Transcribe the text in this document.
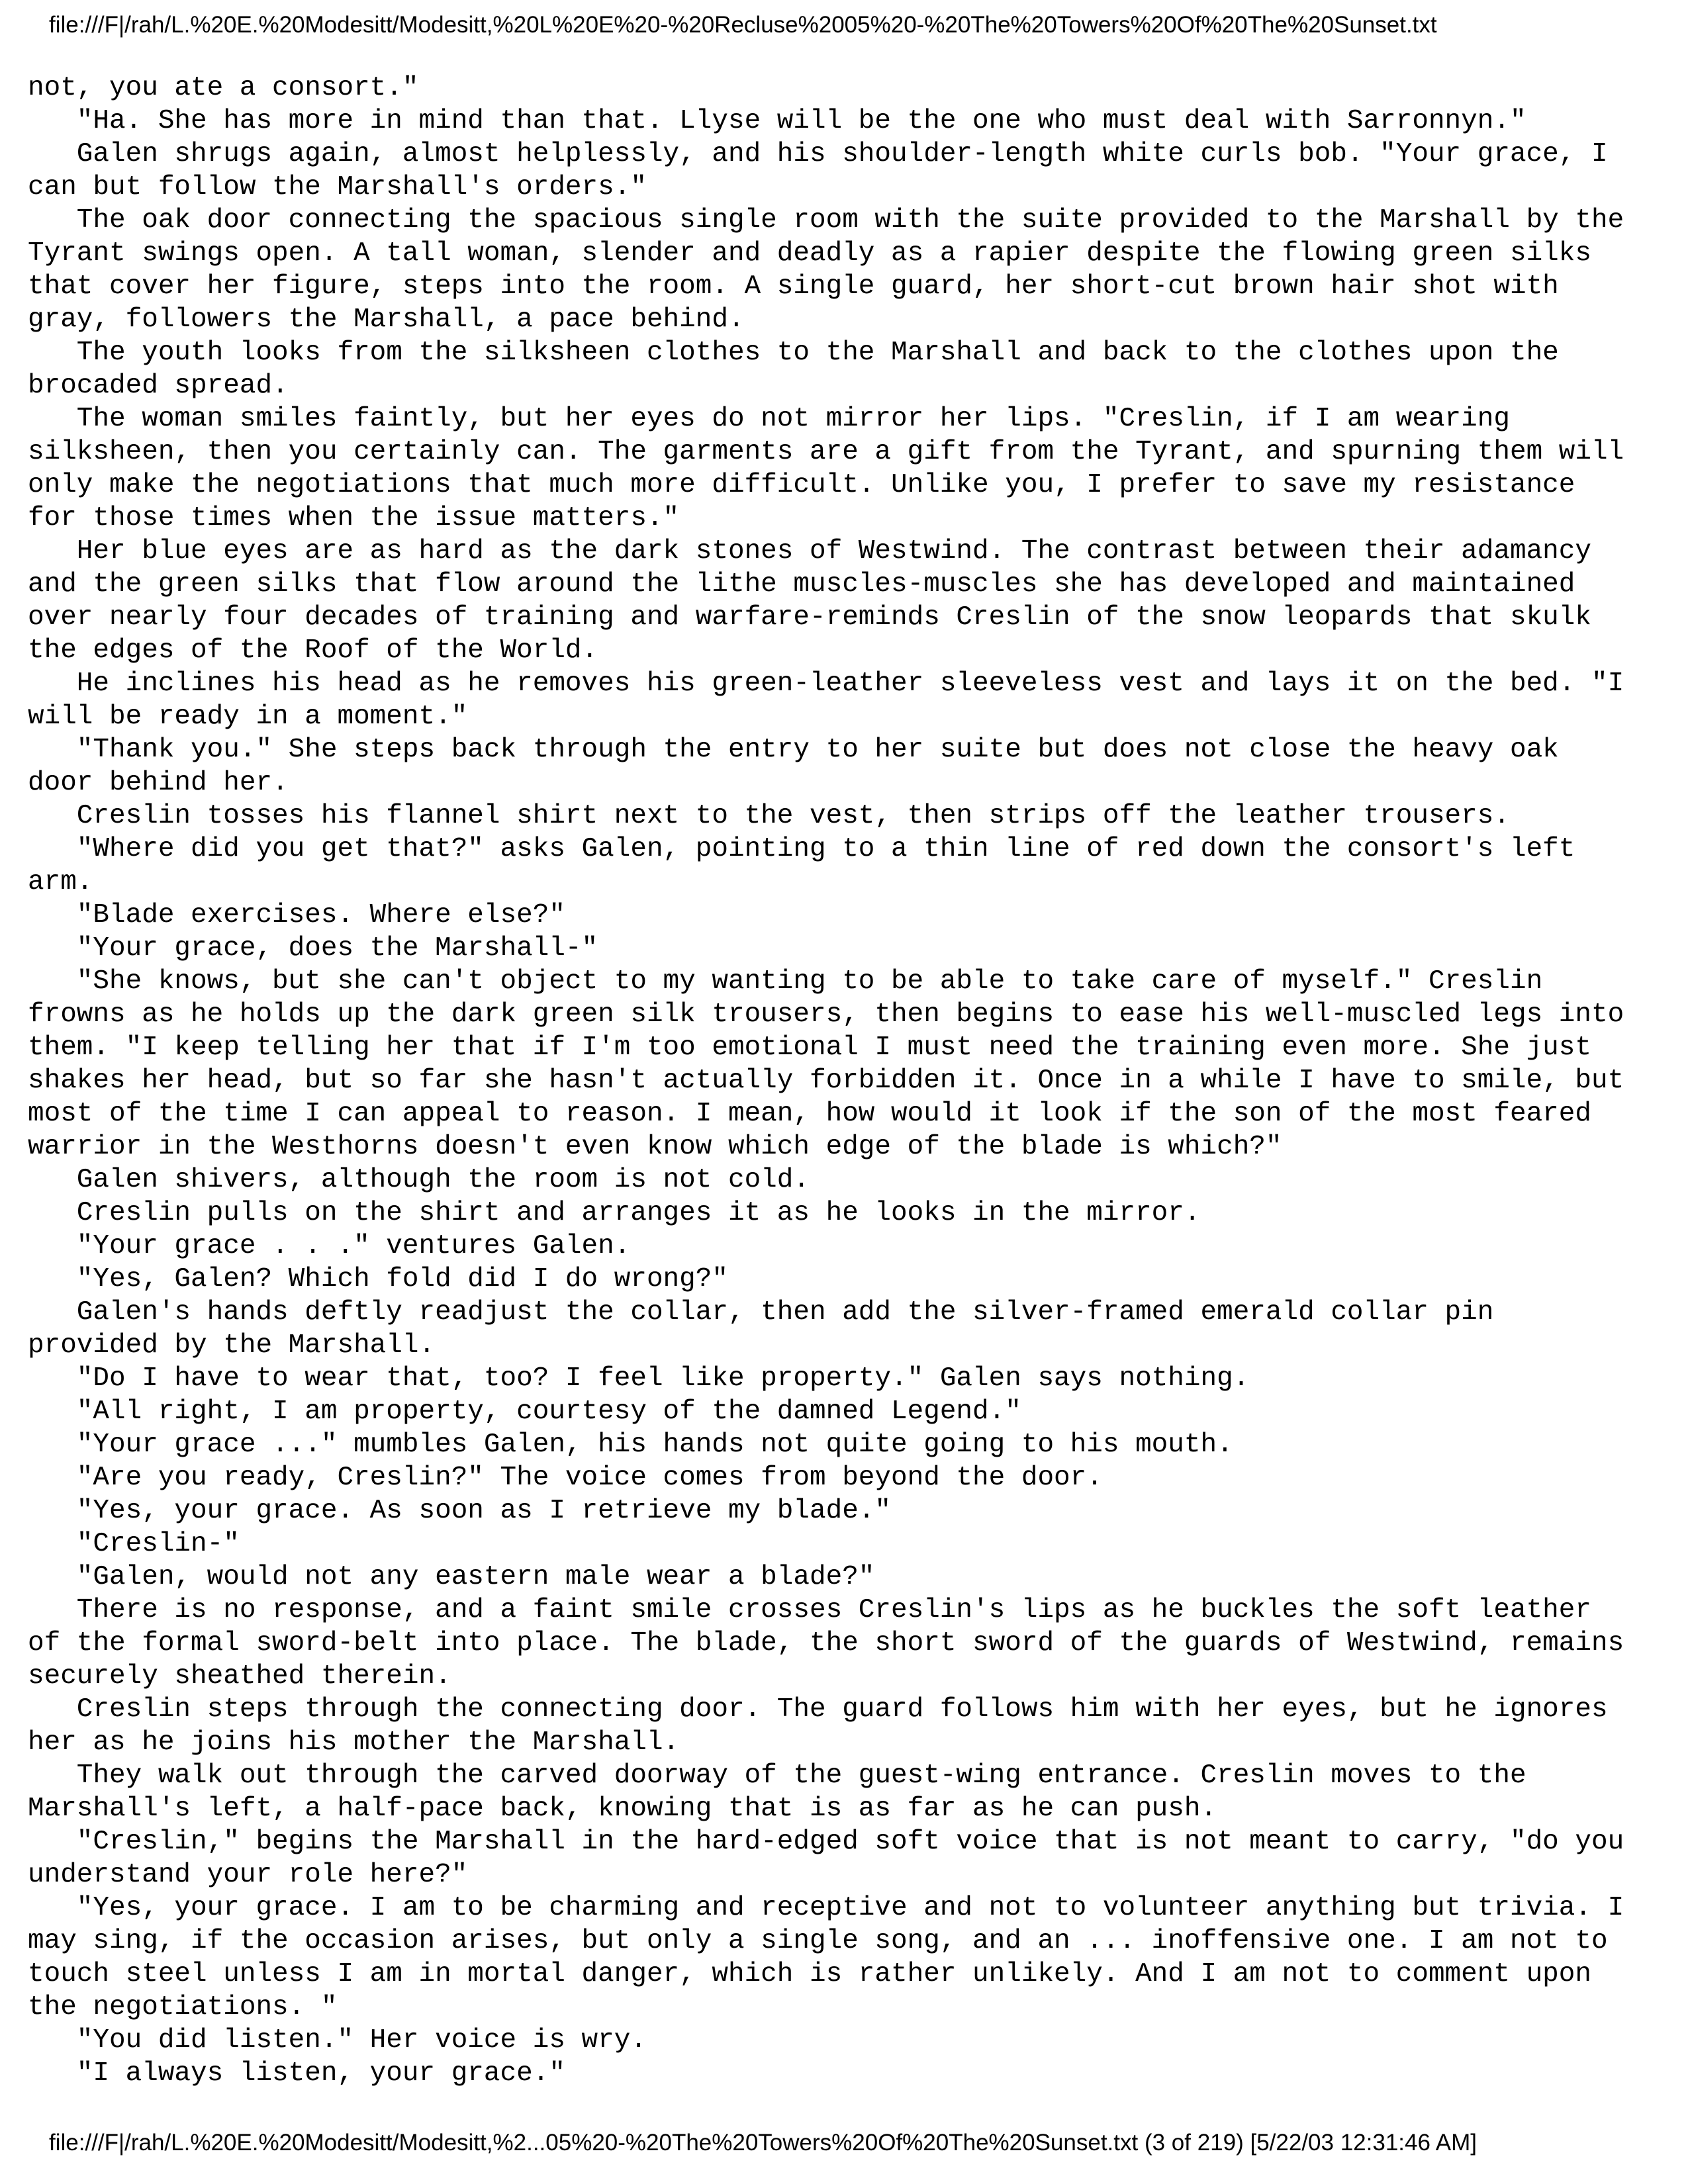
file:///F|/rah/L.%20E.%20Modesitt/Modesitt,%20L%20E%20-%20Recluse%2005%20-%20The%20Towers%20Of%20The%20Sunset.txt
not, you ate a consort."
"Ha. She has more in mind than that. Llyse will be the one who must deal with Sarronnyn."
Galen shrugs again, almost helplessly, and his shoulder-length white curls bob. "Your grace, I
can but follow the Marshall's orders."
The oak door connecting the spacious single room with the suite provided to the Marshall by the
Tyrant swings open. A tall woman, slender and deadly as a rapier despite the flowing green silks
that cover her figure, steps into the room. A single guard, her short-cut brown hair shot with
gray, followers the Marshall, a pace behind.
The youth looks from the silksheen clothes to the Marshall and back to the clothes upon the
brocaded spread.
The woman smiles faintly, but her eyes do not mirror her lips. "Creslin, if I am wearing
silksheen, then you certainly can. The garments are a gift from the Tyrant, and spurning them will
only make the negotiations that much more difficult. Unlike you, I prefer to save my resistance
for those times when the issue matters."
Her blue eyes are as hard as the dark stones of Westwind. The contrast between their adamancy
and the green silks that flow around the lithe muscles-muscles she has developed and maintained
over nearly four decades of training and warfare-reminds Creslin of the snow leopards that skulk
the edges of the Roof of the World.
He inclines his head as he removes his green-leather sleeveless vest and lays it on the bed. "I
will be ready in a moment."
"Thank you." She steps back through the entry to her suite but does not close the heavy oak
door behind her.
Creslin tosses his flannel shirt next to the vest, then strips off the leather trousers.
"Where did you get that?" asks Galen, pointing to a thin line of red down the consort's left
arm.
"Blade exercises. Where else?"
"Your grace, does the Marshall-"
"She knows, but she can't object to my wanting to be able to take care of myself." Creslin
frowns as he holds up the dark green silk trousers, then begins to ease his well-muscled legs into
them. "I keep telling her that if I'm too emotional I must need the training even more. She just
shakes her head, but so far she hasn't actually forbidden it. Once in a while I have to smile, but
most of the time I can appeal to reason. I mean, how would it look if the son of the most feared
warrior in the Westhorns doesn't even know which edge of the blade is which?"
Galen shivers, although the room is not cold.
Creslin pulls on the shirt and arranges it as he looks in the mirror.
"Your grace . . ." ventures Galen.
"Yes, Galen? Which fold did I do wrong?"
Galen's hands deftly readjust the collar, then add the silver-framed emerald collar pin
provided by the Marshall.
"Do I have to wear that, too? I feel like property." Galen says nothing.
"All right, I am property, courtesy of the damned Legend."
"Your grace ..." mumbles Galen, his hands not quite going to his mouth.
"Are you ready, Creslin?" The voice comes from beyond the door.
"Yes, your grace. As soon as I retrieve my blade."
"Creslin-"
"Galen, would not any eastern male wear a blade?"
There is no response, and a faint smile crosses Creslin's lips as he buckles the soft leather
of the formal sword-belt into place. The blade, the short sword of the guards of Westwind, remains
securely sheathed therein.
Creslin steps through the connecting door. The guard follows him with her eyes, but he ignores
her as he joins his mother the Marshall.
They walk out through the carved doorway of the guest-wing entrance. Creslin moves to the
Marshall's left, a half-pace back, knowing that is as far as he can push.
"Creslin," begins the Marshall in the hard-edged soft voice that is not meant to carry, "do you
understand your role here?"
"Yes, your grace. I am to be charming and receptive and not to volunteer anything but trivia. I
may sing, if the occasion arises, but only a single song, and an ... inoffensive one. I am not to
touch steel unless I am in mortal danger, which is rather unlikely. And I am not to comment upon
the negotiations. "
"You did listen." Her voice is wry.
"I always listen, your grace."
file:///F|/rah/L.%20E.%20Modesitt/Modesitt,%2...05%20-%20The%20Towers%20Of%20The%20Sunset.txt (3 of 219) [5/22/03 12:31:46 AM]
